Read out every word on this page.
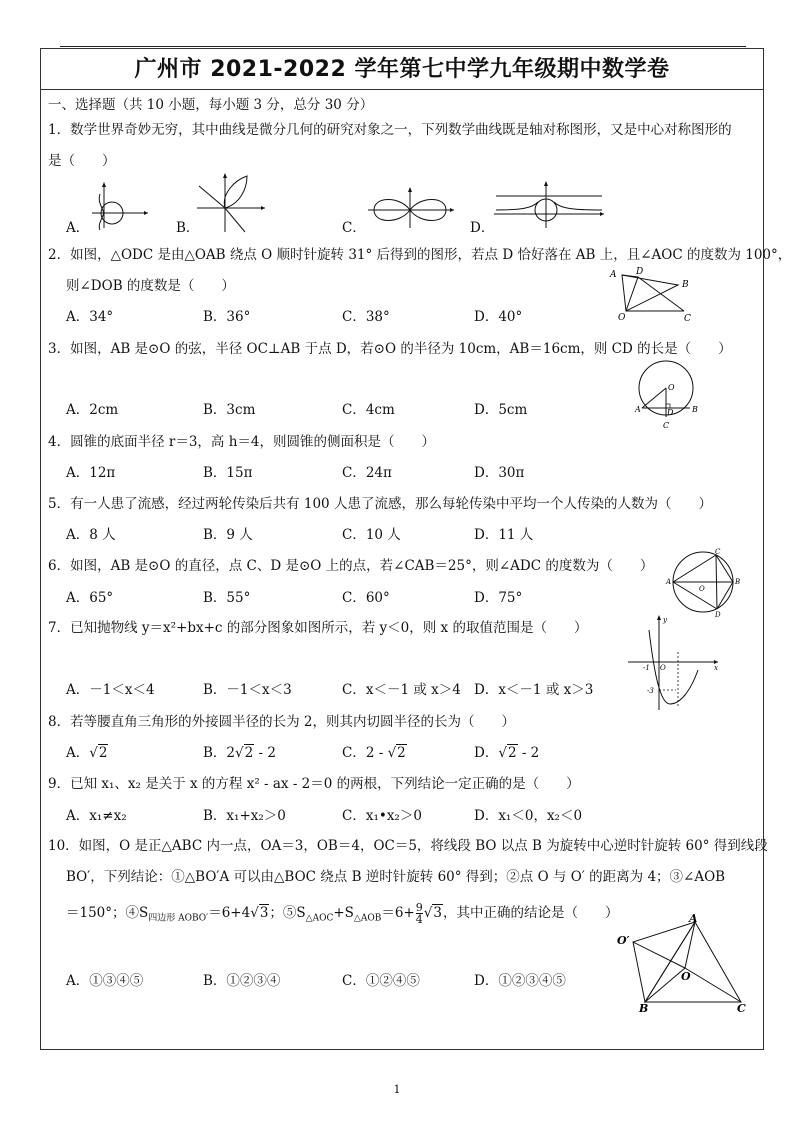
广州市 2021-2022 学年第七中学九年级期中数学卷
一、选择题（共 10 小题，每小题 3 分，总分 30 分）
1．数学世界奇妙无穷，其中曲线是微分几何的研究对象之一，下列数学曲线既是轴对称图形，又是中心对称图形的
是（　　）
A．	B．	C．	D．
2．如图，△ODC 是由△OAB 绕点 O 顺时针旋转 31° 后得到的图形，若点 D 恰好落在 AB 上，且∠AOC 的度数为 100°，
则∠DOB 的度数是（　　）
A．34°	B．36°	C．38°	D．40°
A D
B
O	C
3．如图，AB 是⊙O 的弦，半径 OC⊥AB 于点 D，若⊙O 的半径为 10cm，AB＝16cm，则 CD 的长是（　　）
A．2cm	B．3cm	C．4cm	D．5cm
O
A	B
D
C
4．圆锥的底面半径 r＝3，高 h＝4，则圆锥的侧面积是（　　）
A．12π	B．15π	C．24π	D．30π
5．有一人患了流感，经过两轮传染后共有 100 人患了流感，那么每轮传染中平均一个人传染的人数为（　　）
A．8 人	B．9 人	C．10 人	D．11 人
6．如图，AB 是⊙O 的直径，点 C、D 是⊙O 上的点，若∠CAB＝25°，则∠ADC 的度数为（　　）
A．65°	B．55°	C．60°	D．75°
A	B
C
D
O
7．已知抛物线 y＝x²+bx+c 的部分图象如图所示，若 y＜0，则 x 的取值范围是（　　）
A．－1＜x＜4	B．－1＜x＜3	C．x＜－1 或 x＞4 D．x＜－1 或 x＞3
y
x
O
-1
-3
8．若等腰直角三角形的外接圆半径的长为 2，则其内切圆半径的长为（　　）
A．√2	B．2√2 - 2	C．2 - √2	D．√2 - 2
9．已知 x₁、x₂ 是关于 x 的方程 x² - ax - 2＝0 的两根，下列结论一定正确的是（　　）
A．x₁≠x₂	B．x₁+x₂＞0	C．x₁•x₂＞0	D．x₁＜0，x₂＜0
10．如图，O 是正△ABC 内一点，OA＝3，OB＝4，OC＝5，将线段 BO 以点 B 为旋转中心逆时针旋转 60° 得到线段
BO′，下列结论：①△BO′A 可以由△BOC 绕点 B 逆时针旋转 60° 得到；②点 O 与 O′ 的距离为 4；③∠AOB
＝150°；$④S_{四边形 AOBO'}=6+4√3$；$⑤S_{\triangle AOC}+S_{\triangle AOB}=6+ \frac{9}{4} √3$，其中正确的结论是（　　）
A．①③④⑤	B．①②③④	C．①②④⑤	D．①②③④⑤
A
O′
O
B	C
1
